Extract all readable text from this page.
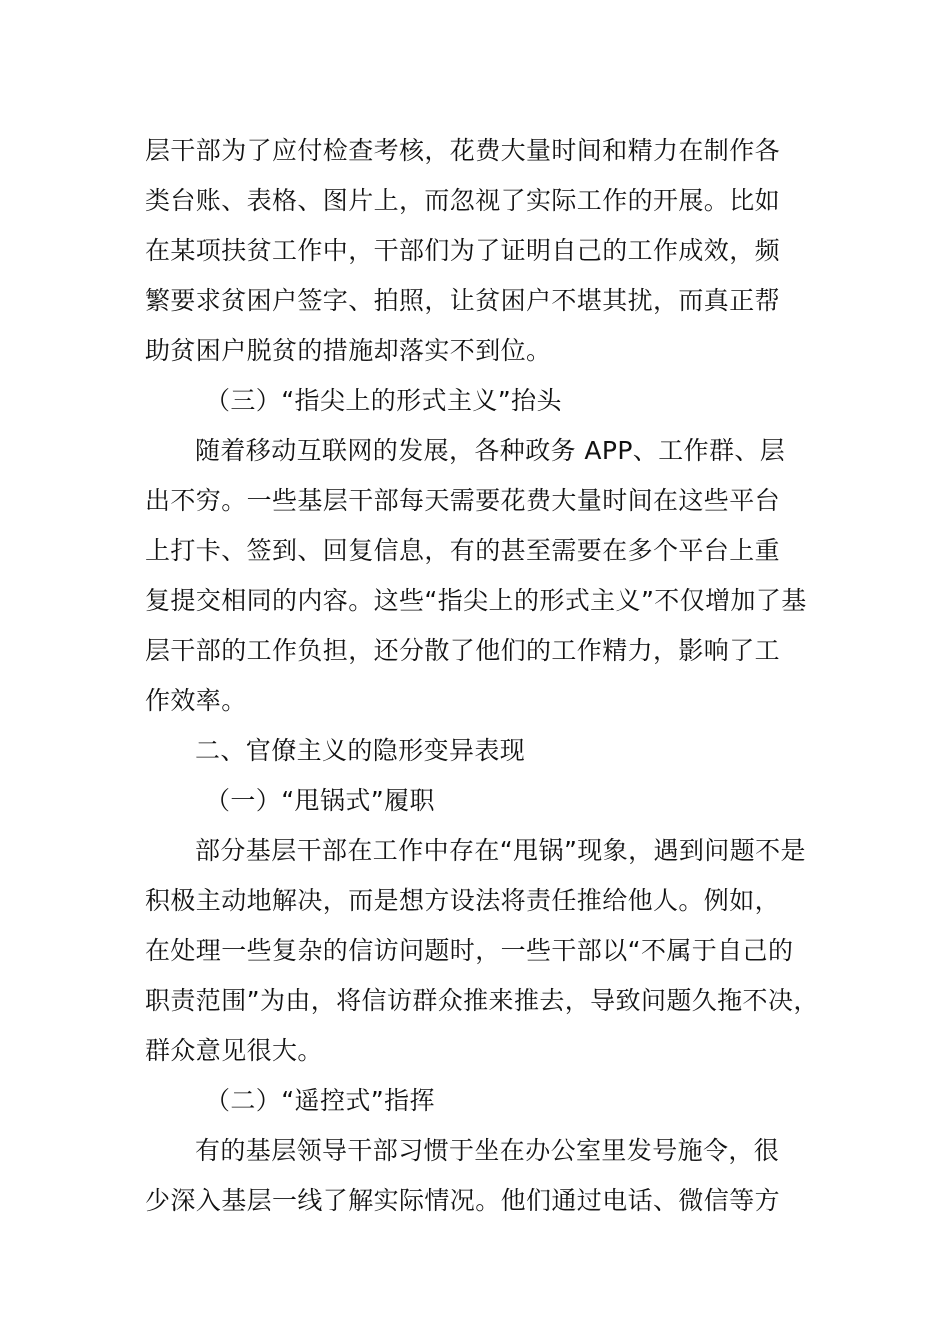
层干部为了应付检查考核，花费大量时间和精力在制作各
类台账、表格、图片上，而忽视了实际工作的开展。比如
在某项扶贫工作中，干部们为了证明自己的工作成效，频
繁要求贫困户签字、拍照，让贫困户不堪其扰，而真正帮
助贫困户脱贫的措施却落实不到位。
（三）“指尖上的形式主义”抬头
随着移动互联网的发展，各种政务 APP、工作群、层
出不穷。一些基层干部每天需要花费大量时间在这些平台
上打卡、签到、回复信息，有的甚至需要在多个平台上重
复提交相同的内容。这些“指尖上的形式主义”不仅增加了基
层干部的工作负担，还分散了他们的工作精力，影响了工
作效率。
二、官僚主义的隐形变异表现
（一）“甩锅式”履职
部分基层干部在工作中存在“甩锅”现象，遇到问题不是
积极主动地解决，而是想方设法将责任推给他人。例如，
在处理一些复杂的信访问题时，一些干部以“不属于自己的
职责范围”为由，将信访群众推来推去，导致问题久拖不决，
群众意见很大。
（二）“遥控式”指挥
有的基层领导干部习惯于坐在办公室里发号施令，很
少深入基层一线了解实际情况。他们通过电话、微信等方
